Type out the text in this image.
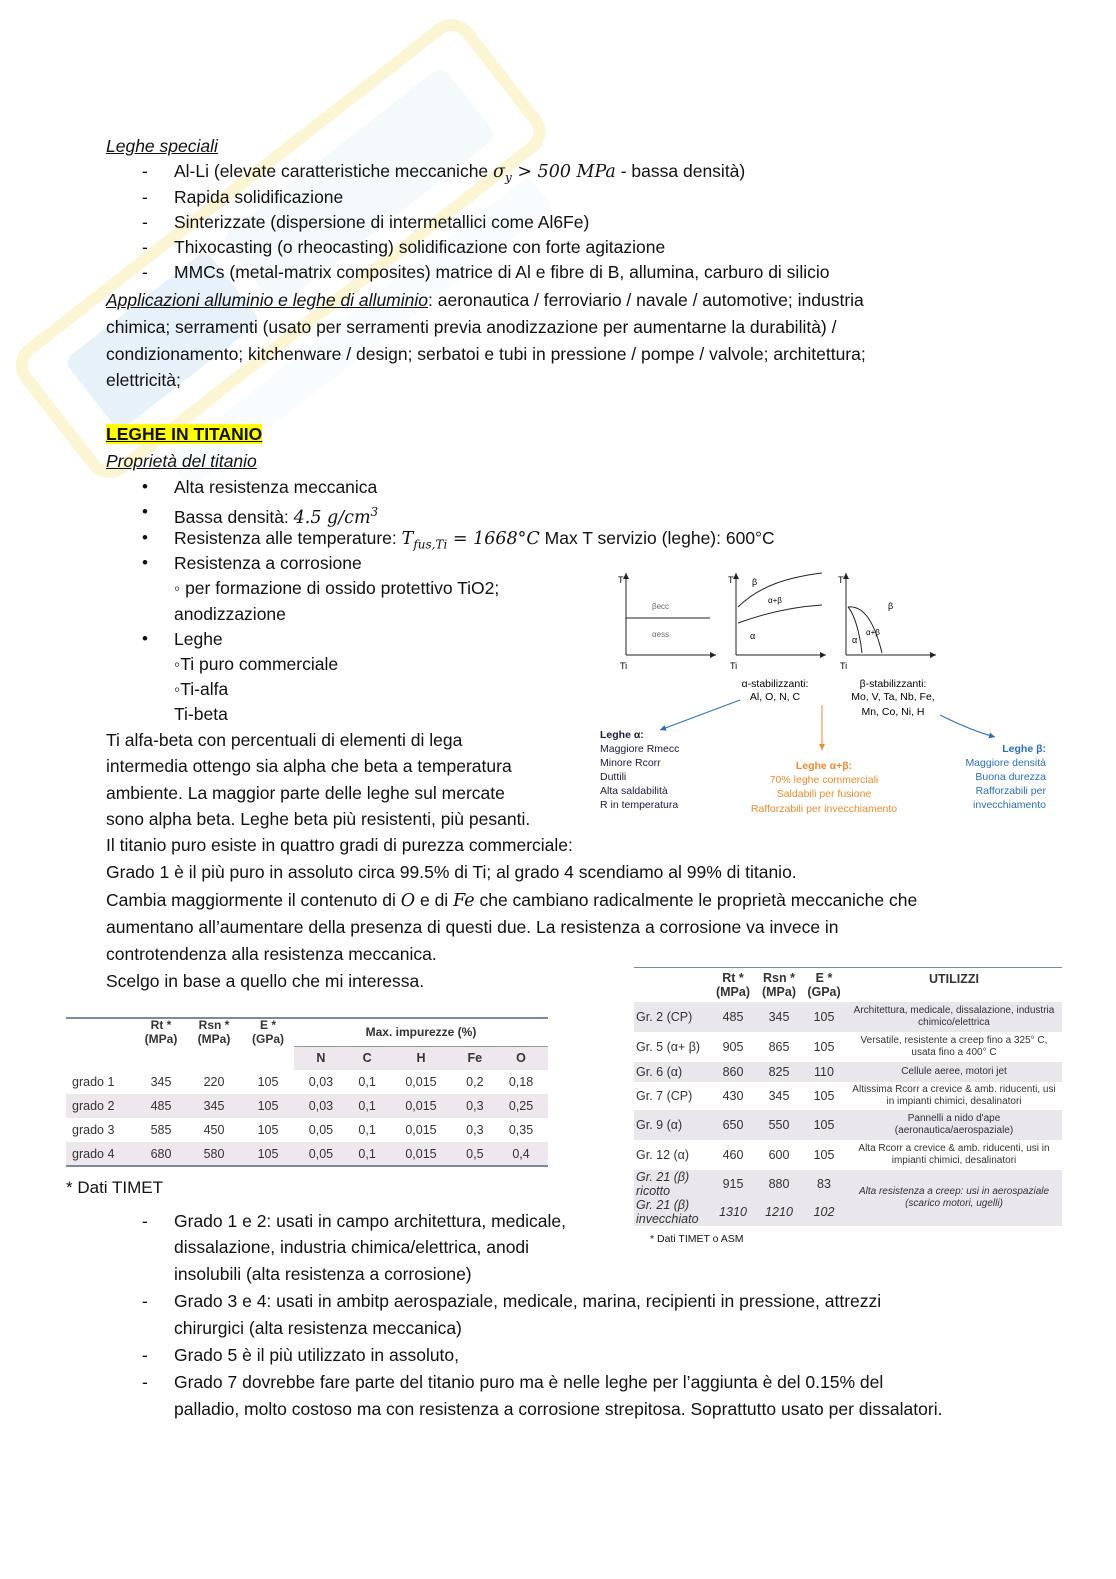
Leghe speciali
- Al-Li (elevate caratteristiche meccaniche $\sigma_y > 500$ MPa - bassa densità)
- Rapida solidificazione
- Sinterizzate (dispersione di intermetallici come Al6Fe)
- Thixocasting (o rheocasting) solidificazione con forte agitazione
- MMCs (metal-matrix composites) matrice di Al e fibre di B, allumina, carburo di silicio
Applicazioni alluminio e leghe di alluminio: aeronautica / ferroviario / navale / automotive; industria
chimica; serramenti (usato per serramenti previa anodizzazione per aumentarne la durabilità) /
condizionamento; kitchenware / design; serbatoi e tubi in pressione / pompe / valvole; architettura;
elettricità;
LEGHE IN TITANIO
Proprietà del titanio
• Alta resistenza meccanica
• Bassa densità: 4.5 $g/cm^3$
• Resistenza alle temperature: $T_{fus,Ti} = 1668^\circ C$ Max T servizio (leghe): 600°C
• Resistenza a corrosione
◦ per formazione di ossido protettivo TiO2;
anodizzazione
• Leghe
◦Ti puro commerciale
◦Ti-alfa
Ti-beta
Ti alfa-beta con percentuali di elementi di lega
intermedia ottengo sia alpha che beta a temperatura
ambiente. La maggior parte delle leghe sul mercate
sono alpha beta. Leghe beta più resistenti, più pesanti.
Il titanio puro esiste in quattro gradi di purezza commerciale:
Grado 1 è il più puro in assoluto circa 99.5% di Ti; al grado 4 scendiamo al 99% di titanio.
Cambia maggiormente il contenuto di O e di Fe che cambiano radicalmente le proprietà meccaniche che
aumentano all’aumentare della presenza di questi due. La resistenza a corrosione va invece in
controtendenza alla resistenza meccanica.
Scelgo in base a quello che mi interessa.
T
Ti
βecc
αess
T
Ti
β
α+β
α
T
Ti
β
α+β
α
α-stabilizzanti:
Al, O, N, C
β-stabilizzanti:
Mo, V, Ta, Nb, Fe,
Mn, Co, Ni, H
Leghe α:
Maggiore Rmecc
Minore Rcorr
Duttili
Alta saldabilità
R in temperatura
Leghe α+β:
70% leghe commerciali
Saldabili per fusione
Rafforzabili per invecchiamento
Leghe β:
Maggiore densità
Buona durezza
Rafforzabili per
invecchiamento
	Rt *
(MPa)	Rsn *
(MPa)	E *
(GPa)	Max. impurezze (%)				
				N	C	H	Fe	O
grado 1	345	220	105	0,03	0,1	0,015	0,2	0,18
grado 2	485	345	105	0,03	0,1	0,015	0,3	0,25
grado 3	585	450	105	0,05	0,1	0,015	0,3	0,35
grado 4	680	580	105	0,05	0,1	0,015	0,5	0,4
* Dati TIMET
	Rt *
(MPa)	Rsn *
(MPa)	E *
(GPa)	UTILIZZI
Gr. 2 (CP)	485	345	105	Architettura, medicale, dissalazione, industria chimico/elettrica
Gr. 5 (α+ β)	905	865	105	Versatile, resistente a creep fino a 325° C, usata fino a 400° C
Gr. 6 (α)	860	825	110	Cellule aeree, motori jet
Gr. 7 (CP)	430	345	105	Altissima Rcorr a crevice & amb. riducenti, usi in impianti chimici, desalinatori
Gr. 9 (α)	650	550	105	Pannelli a nido d'ape (aeronautica/aerospaziale)
Gr. 12 (α)	460	600	105	Alta Rcorr a crevice & amb. riducenti, usi in impianti chimici, desalinatori
Gr. 21 (β) ricotto	915	880	83	Alta resistenza a creep: usi in aerospaziale (scarico motori, ugelli)
Gr. 21 (β) invecchiato	1310	1210	102	
* Dati TIMET o ASM
- Grado 1 e 2: usati in campo architettura, medicale,
dissalazione, industria chimica/elettrica, anodi
insolubili (alta resistenza a corrosione)
- Grado 3 e 4: usati in ambitp aerospaziale, medicale, marina, recipienti in pressione, attrezzi
chirurgici (alta resistenza meccanica)
- Grado 5 è il più utilizzato in assoluto,
- Grado 7 dovrebbe fare parte del titanio puro ma è nelle leghe per l’aggiunta è del 0.15% del
palladio, molto costoso ma con resistenza a corrosione strepitosa. Soprattutto usato per dissalatori.
